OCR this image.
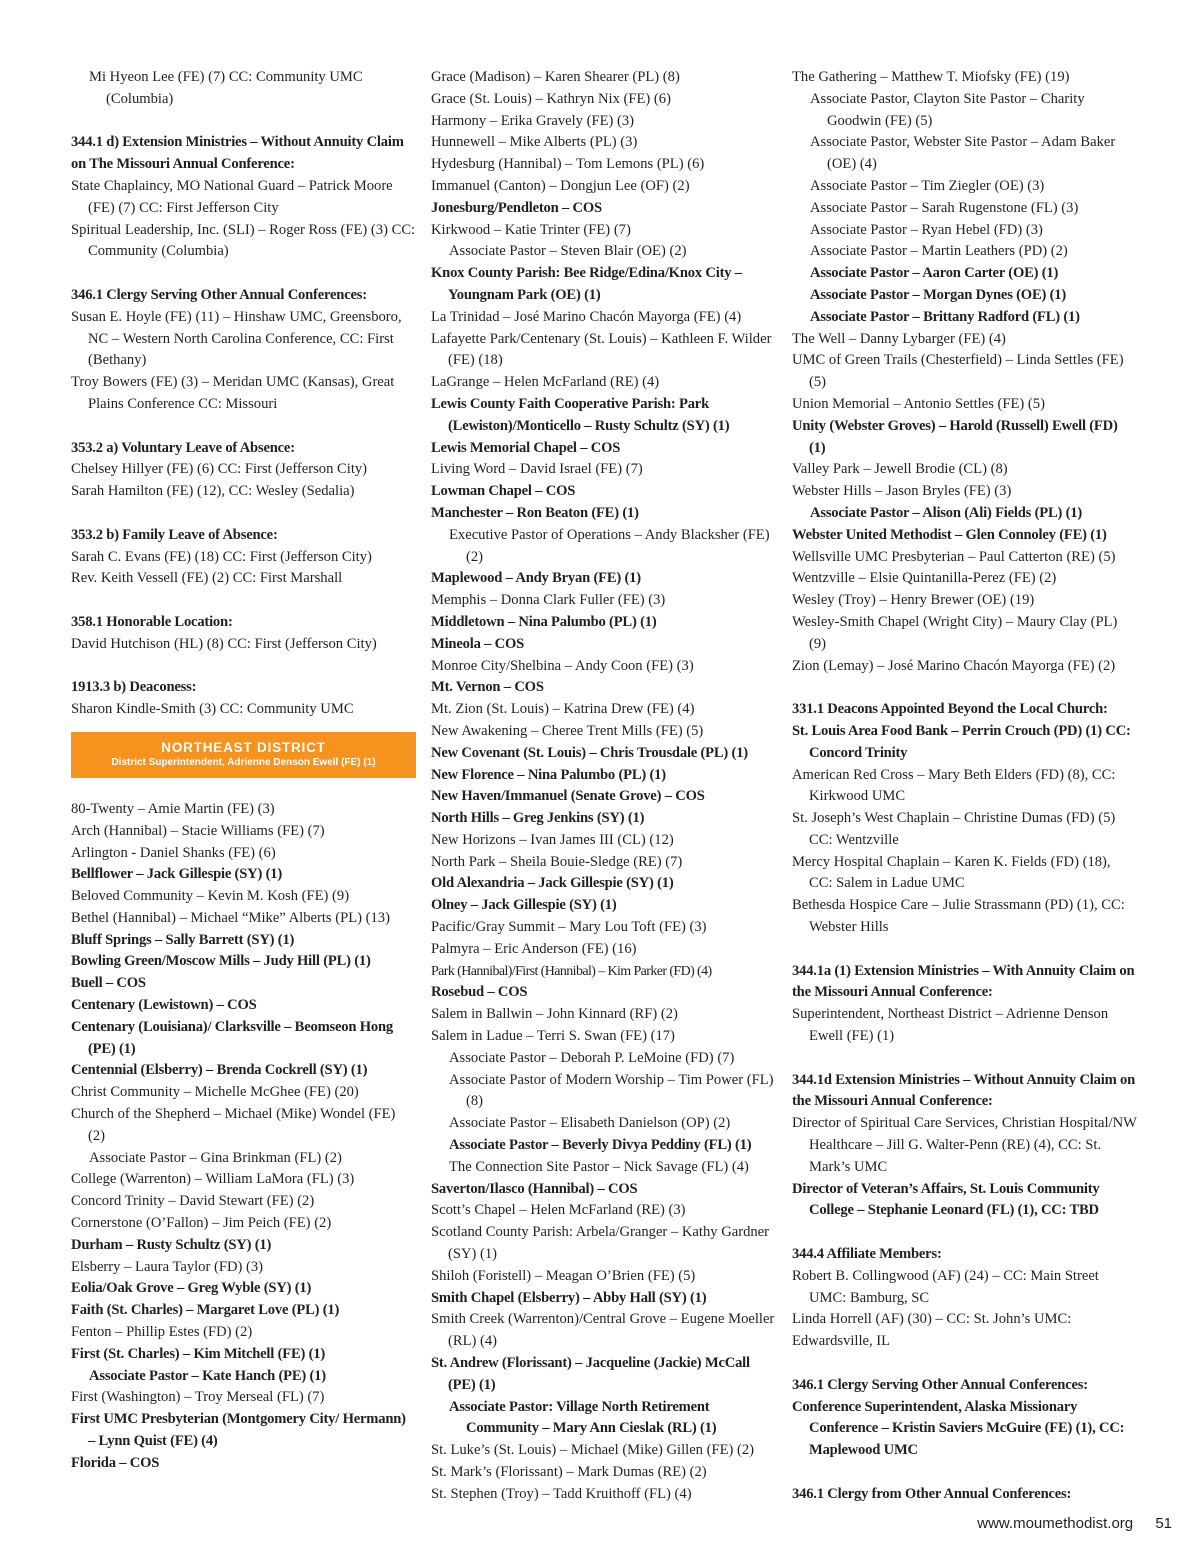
Mi Hyeon Lee (FE) (7) CC: Community UMC (Columbia)

344.1 d) Extension Ministries – Without Annuity Claim on The Missouri Annual Conference:

State Chaplaincy, MO National Guard – Patrick Moore (FE) (7) CC: First Jefferson City

Spiritual Leadership, Inc. (SLI) – Roger Ross (FE) (3) CC: Community (Columbia)

346.1 Clergy Serving Other Annual Conferences:

Susan E. Hoyle (FE) (11) – Hinshaw UMC, Greensboro, NC – Western North Carolina Conference, CC: First (Bethany)

Troy Bowers (FE) (3) – Meridan UMC (Kansas), Great Plains Conference CC: Missouri

353.2 a) Voluntary Leave of Absence:

Chelsey Hillyer (FE) (6) CC: First (Jefferson City)

Sarah Hamilton (FE) (12), CC: Wesley (Sedalia)

353.2 b) Family Leave of Absence:

Sarah C. Evans (FE) (18) CC: First (Jefferson City)

Rev. Keith Vessell (FE) (2) CC: First Marshall

358.1 Honorable Location:

David Hutchison (HL) (8) CC: First (Jefferson City)

1913.3 b) Deaconess:

Sharon Kindle-Smith (3) CC: Community UMC

NORTHEAST DISTRICT
District Superintendent, Adrienne Denson Ewell (FE) (1)

80-Twenty – Amie Martin (FE) (3)

Arch (Hannibal) – Stacie Williams (FE) (7)

Arlington - Daniel Shanks (FE) (6)

Bellflower – Jack Gillespie (SY) (1)

Beloved Community – Kevin M. Kosh (FE) (9)

Bethel (Hannibal) – Michael “Mike” Alberts (PL) (13)

Bluff Springs – Sally Barrett (SY) (1)

Bowling Green/Moscow Mills – Judy Hill (PL) (1)

Buell – COS

Centenary (Lewistown) – COS

Centenary (Louisiana)/ Clarksville – Beomseon Hong (PE) (1)

Centennial (Elsberry) – Brenda Cockrell (SY) (1)

Christ Community – Michelle McGhee (FE) (20)

Church of the Shepherd – Michael (Mike) Wondel (FE) (2)

Associate Pastor – Gina Brinkman (FL) (2)

College (Warrenton) – William LaMora (FL) (3)

Concord Trinity – David Stewart (FE) (2)

Cornerstone (O’Fallon) – Jim Peich (FE) (2)

Durham – Rusty Schultz (SY) (1)

Elsberry – Laura Taylor (FD) (3)

Eolia/Oak Grove – Greg Wyble (SY) (1)

Faith (St. Charles) – Margaret Love (PL) (1)

Fenton – Phillip Estes (FD) (2)

First (St. Charles) – Kim Mitchell (FE) (1)

Associate Pastor – Kate Hanch (PE) (1)

First (Washington) – Troy Merseal (FL) (7)

First UMC Presbyterian (Montgomery City/ Hermann) – Lynn Quist (FE) (4)

Florida – COS

Grace (Madison) – Karen Shearer (PL) (8)

Grace (St. Louis) – Kathryn Nix (FE) (6)

Harmony – Erika Gravely (FE) (3)

Hunnewell – Mike Alberts (PL) (3)

Hydesburg (Hannibal) – Tom Lemons (PL) (6)

Immanuel (Canton) – Dongjun Lee (OF) (2)

Jonesburg/Pendleton – COS

Kirkwood – Katie Trinter (FE) (7)

Associate Pastor – Steven Blair (OE) (2)

Knox County Parish: Bee Ridge/Edina/Knox City – Youngnam Park (OE) (1)

La Trinidad – José Marino Chacón Mayorga (FE) (4)

Lafayette Park/Centenary (St. Louis) – Kathleen F. Wilder (FE) (18)

LaGrange – Helen McFarland (RE) (4)

Lewis County Faith Cooperative Parish: Park (Lewiston)/Monticello – Rusty Schultz (SY) (1)

Lewis Memorial Chapel – COS

Living Word – David Israel (FE) (7)

Lowman Chapel – COS

Manchester – Ron Beaton (FE) (1)

Executive Pastor of Operations – Andy Blacksher (FE) (2)

Maplewood – Andy Bryan (FE) (1)

Memphis – Donna Clark Fuller (FE) (3)

Middletown – Nina Palumbo (PL) (1)

Mineola – COS

Monroe City/Shelbina – Andy Coon (FE) (3)

Mt. Vernon – COS

Mt. Zion (St. Louis) – Katrina Drew (FE) (4)

New Awakening – Cheree Trent Mills (FE) (5)

New Covenant (St. Louis) – Chris Trousdale (PL) (1)

New Florence – Nina Palumbo (PL) (1)

New Haven/Immanuel (Senate Grove) – COS

North Hills – Greg Jenkins (SY) (1)

New Horizons – Ivan James III (CL) (12)

North Park – Sheila Bouie-Sledge (RE) (7)

Old Alexandria – Jack Gillespie (SY) (1)

Olney – Jack Gillespie (SY) (1)

Pacific/Gray Summit – Mary Lou Toft (FE) (3)

Palmyra – Eric Anderson (FE) (16)

Park (Hannibal)/First (Hannibal) – Kim Parker (FD) (4)

Rosebud – COS

Salem in Ballwin – John Kinnard (RF) (2)

Salem in Ladue – Terri S. Swan (FE) (17)

Associate Pastor – Deborah P. LeMoine (FD) (7)

Associate Pastor of Modern Worship – Tim Power (FL) (8)

Associate Pastor – Elisabeth Danielson (OP) (2)

Associate Pastor – Beverly Divya Peddiny (FL) (1)

The Connection Site Pastor – Nick Savage (FL) (4)

Saverton/Ilasco (Hannibal) – COS

Scott’s Chapel – Helen McFarland (RE) (3)

Scotland County Parish: Arbela/Granger – Kathy Gardner (SY) (1)

Shiloh (Foristell) – Meagan O’Brien (FE) (5)

Smith Chapel (Elsberry) – Abby Hall (SY) (1)

Smith Creek (Warrenton)/Central Grove – Eugene Moeller (RL) (4)

St. Andrew (Florissant) – Jacqueline (Jackie) McCall (PE) (1)

Associate Pastor: Village North Retirement Community – Mary Ann Cieslak (RL) (1)

St. Luke’s (St. Louis) – Michael (Mike) Gillen (FE) (2)

St. Mark’s (Florissant) – Mark Dumas (RE) (2)

St. Stephen (Troy) – Tadd Kruithoff (FL) (4)

The Gathering – Matthew T. Miofsky (FE) (19)

Associate Pastor, Clayton Site Pastor – Charity Goodwin (FE) (5)

Associate Pastor, Webster Site Pastor – Adam Baker (OE) (4)

Associate Pastor – Tim Ziegler (OE) (3)

Associate Pastor – Sarah Rugenstone (FL) (3)

Associate Pastor – Ryan Hebel (FD) (3)

Associate Pastor – Martin Leathers (PD) (2)

Associate Pastor – Aaron Carter (OE) (1)

Associate Pastor – Morgan Dynes (OE) (1)

Associate Pastor – Brittany Radford (FL) (1)

The Well – Danny Lybarger (FE) (4)

UMC of Green Trails (Chesterfield) – Linda Settles (FE) (5)

Union Memorial – Antonio Settles (FE) (5)

Unity (Webster Groves) – Harold (Russell) Ewell (FD) (1)

Valley Park – Jewell Brodie (CL) (8)

Webster Hills – Jason Bryles (FE) (3)

Associate Pastor – Alison (Ali) Fields (PL) (1)

Webster United Methodist – Glen Connoley (FE) (1)

Wellsville UMC Presbyterian – Paul Catterton (RE) (5)

Wentzville – Elsie Quintanilla-Perez (FE) (2)

Wesley (Troy) – Henry Brewer (OE) (19)

Wesley-Smith Chapel (Wright City) – Maury Clay (PL) (9)

Zion (Lemay) – José Marino Chacón Mayorga (FE) (2)

331.1 Deacons Appointed Beyond the Local Church:

St. Louis Area Food Bank – Perrin Crouch (PD) (1) CC: Concord Trinity

American Red Cross – Mary Beth Elders (FD) (8), CC: Kirkwood UMC

St. Joseph’s West Chaplain – Christine Dumas (FD) (5) CC: Wentzville

Mercy Hospital Chaplain – Karen K. Fields (FD) (18), CC: Salem in Ladue UMC

Bethesda Hospice Care – Julie Strassmann (PD) (1), CC: Webster Hills

344.1a (1) Extension Ministries – With Annuity Claim on the Missouri Annual Conference:

Superintendent, Northeast District – Adrienne Denson Ewell (FE) (1)

344.1d Extension Ministries – Without Annuity Claim on the Missouri Annual Conference:

Director of Spiritual Care Services, Christian Hospital/NW Healthcare – Jill G. Walter-Penn (RE) (4), CC: St. Mark’s UMC

Director of Veteran’s Affairs, St. Louis Community College – Stephanie Leonard (FL) (1), CC: TBD

344.4 Affiliate Members:

Robert B. Collingwood (AF) (24) – CC: Main Street UMC: Bamburg, SC

Linda Horrell (AF) (30) – CC: St. John’s UMC: Edwardsville, IL

346.1 Clergy Serving Other Annual Conferences:

Conference Superintendent, Alaska Missionary Conference – Kristin Saviers McGuire (FE) (1), CC: Maplewood UMC

346.1 Clergy from Other Annual Conferences:

www.moumethodist.org 51
